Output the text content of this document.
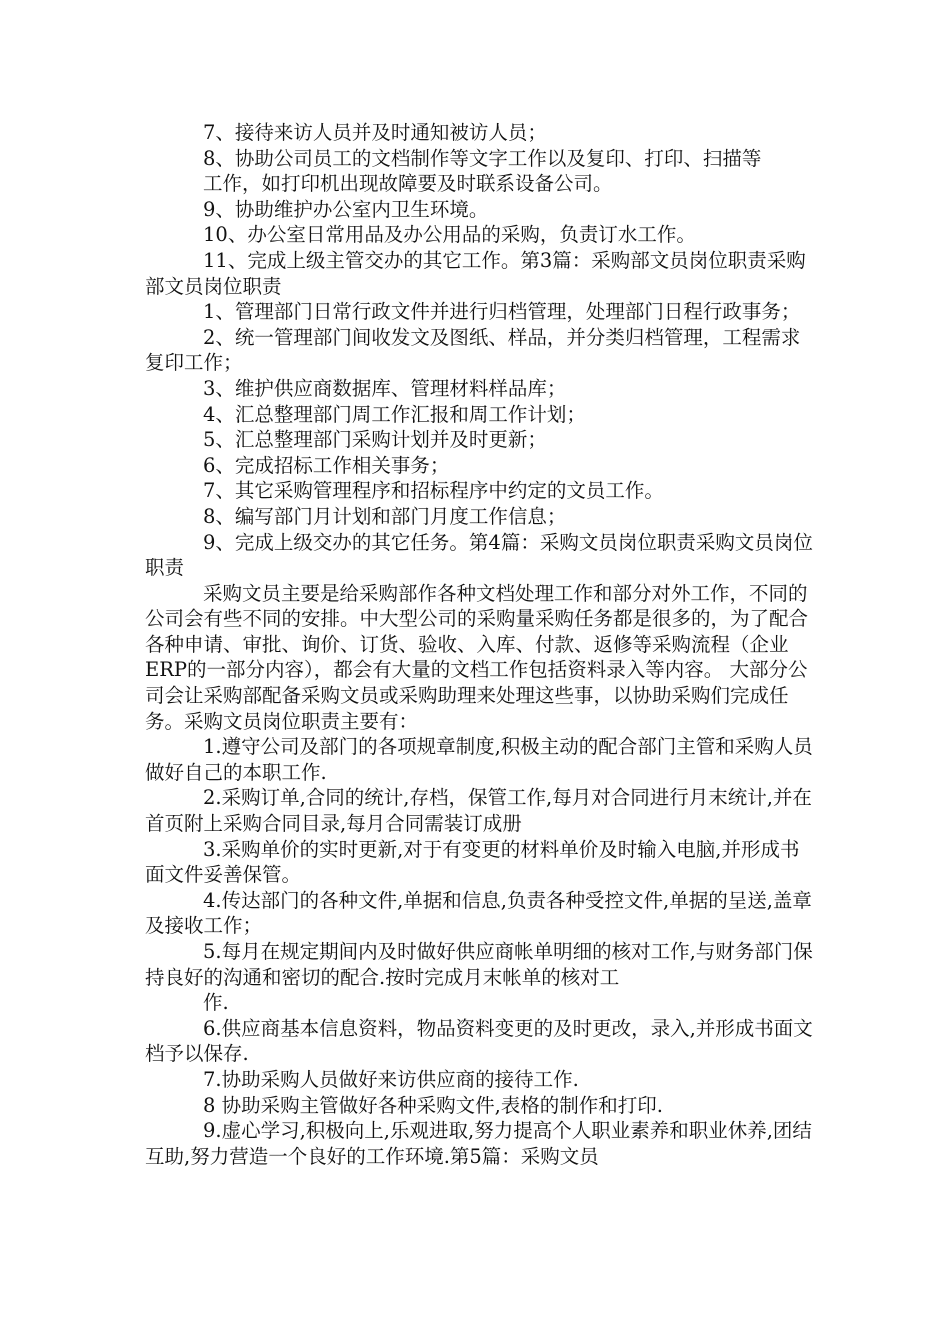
7、接待来访人员并及时通知被访人员；

8、协助公司员工的文档制作等文字工作以及复印、打印、扫描等

工作，如打印机出现故障要及时联系设备公司。

9、协助维护办公室内卫生环境。

10、办公室日常用品及办公用品的采购，负责订水工作。

11、完成上级主管交办的其它工作。第3篇：采购部文员岗位职责采购部文员岗位职责

1、管理部门日常行政文件并进行归档管理，处理部门日程行政事务；

2、统一管理部门间收发文及图纸、样品，并分类归档管理，工程需求复印工作；

3、维护供应商数据库、管理材料样品库；

4、汇总整理部门周工作汇报和周工作计划；

5、汇总整理部门采购计划并及时更新；

6、完成招标工作相关事务；

7、其它采购管理程序和招标程序中约定的文员工作。

8、编写部门月计划和部门月度工作信息；

9、完成上级交办的其它任务。第4篇：采购文员岗位职责采购文员岗位职责

采购文员主要是给采购部作各种文档处理工作和部分对外工作，不同的公司会有些不同的安排。中大型公司的采购量采购任务都是很多的，为了配合各种申请、审批、询价、订货、验收、入库、付款、返修等采购流程（企业ERP的一部分内容），都会有大量的文档工作包括资料录入等内容。 大部分公司会让采购部配备采购文员或采购助理来处理这些事，以协助采购们完成任务。采购文员岗位职责主要有：

1.遵守公司及部门的各项规章制度,积极主动的配合部门主管和采购人员做好自己的本职工作.

2.采购订单,合同的统计,存档，保管工作,每月对合同进行月末统计,并在首页附上采购合同目录,每月合同需装订成册

3.采购单价的实时更新,对于有变更的材料单价及时输入电脑,并形成书面文件妥善保管。

4.传达部门的各种文件,单据和信息,负责各种受控文件,单据的呈送,盖章及接收工作；

5.每月在规定期间内及时做好供应商帐单明细的核对工作,与财务部门保持良好的沟通和密切的配合.按时完成月末帐单的核对工

作.

6.供应商基本信息资料，物品资料变更的及时更改，录入,并形成书面文档予以保存.

7.协助采购人员做好来访供应商的接待工作.

8 协助采购主管做好各种采购文件,表格的制作和打印.

9.虚心学习,积极向上,乐观进取,努力提高个人职业素养和职业休养,团结互助,努力营造一个良好的工作环境.第5篇：采购文员
